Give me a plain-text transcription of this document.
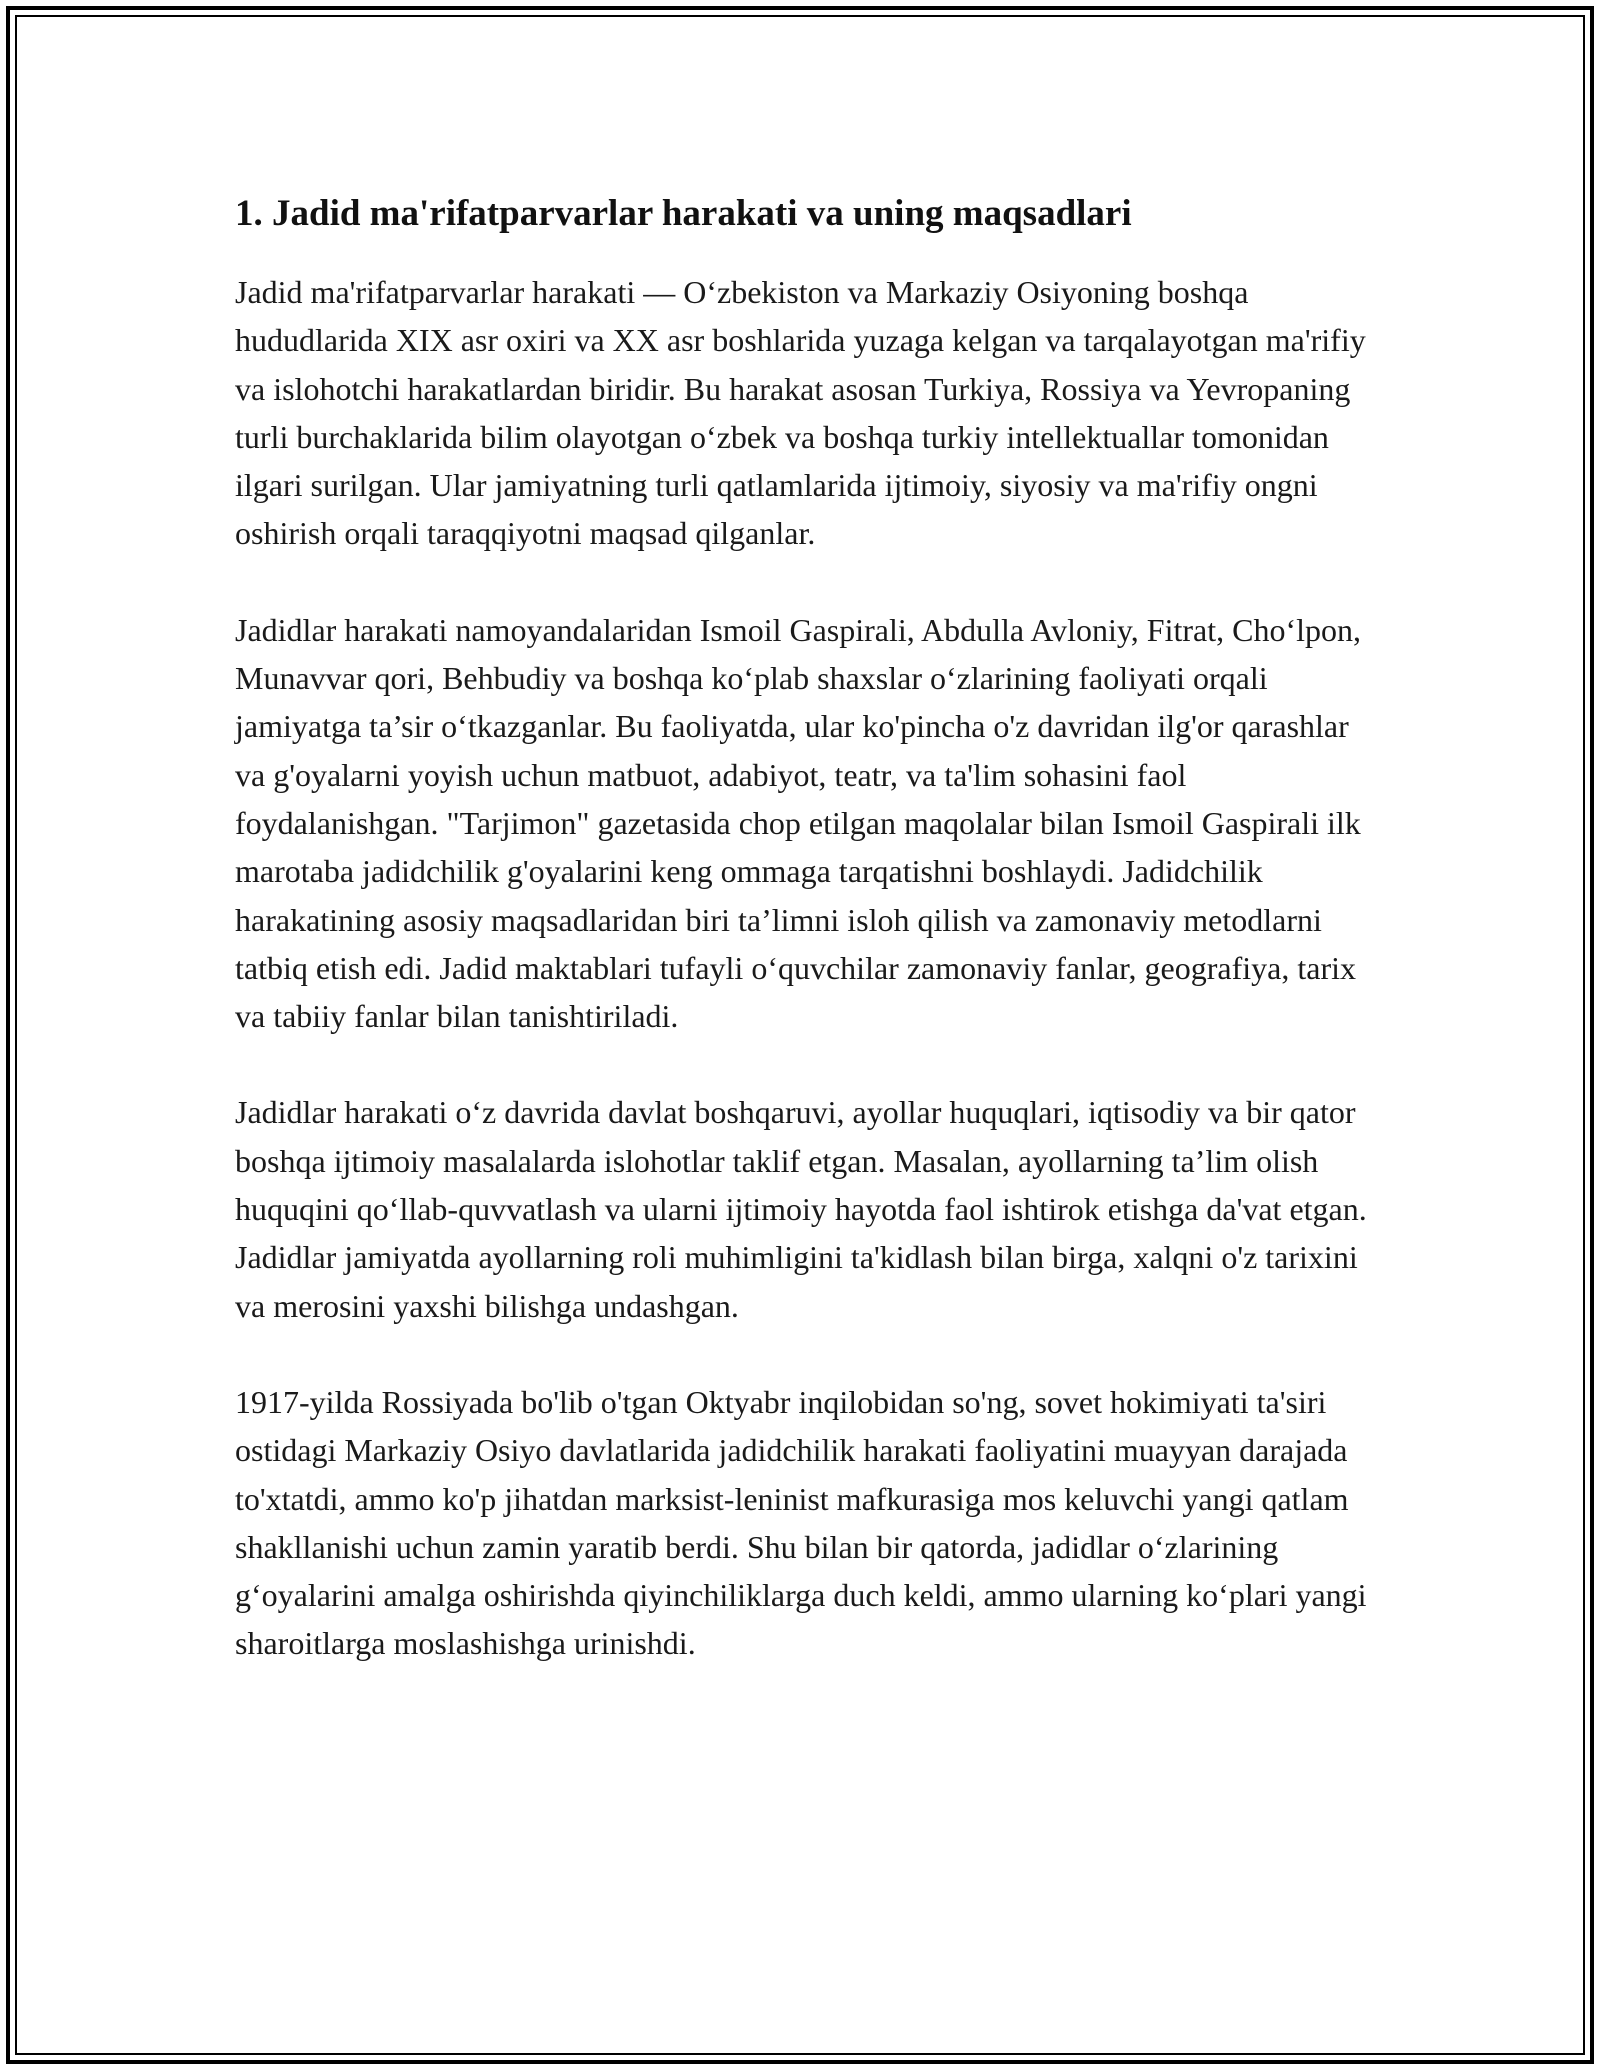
1. Jadid ma'rifatparvarlar harakati va uning maqsadlari

Jadid ma'rifatparvarlar harakati — O‘zbekiston va Markaziy Osiyoning boshqa hududlarida XIX asr oxiri va XX asr boshlarida yuzaga kelgan va tarqalayotgan ma'rifiy va islohotchi harakatlardan biridir. Bu harakat asosan Turkiya, Rossiya va Yevropaning turli burchaklarida bilim olayotgan o‘zbek va boshqa turkiy intellektuallar tomonidan ilgari surilgan. Ular jamiyatning turli qatlamlarida ijtimoiy, siyosiy va ma'rifiy ongni oshirish orqali taraqqiyotni maqsad qilganlar.

Jadidlar harakati namoyandalaridan Ismoil Gaspirali, Abdulla Avloniy, Fitrat, Cho‘lpon, Munavvar qori, Behbudiy va boshqa ko‘plab shaxslar o‘zlarining faoliyati orqali jamiyatga ta’sir o‘tkazganlar. Bu faoliyatda, ular ko'pincha o'z davridan ilg'or qarashlar va g'oyalarni yoyish uchun matbuot, adabiyot, teatr, va ta'lim sohasini faol foydalanishgan. "Tarjimon" gazetasida chop etilgan maqolalar bilan Ismoil Gaspirali ilk marotaba jadidchilik g'oyalarini keng ommaga tarqatishni boshlaydi. Jadidchilik harakatining asosiy maqsadlaridan biri ta’limni isloh qilish va zamonaviy metodlarni tatbiq etish edi. Jadid maktablari tufayli o‘quvchilar zamonaviy fanlar, geografiya, tarix va tabiiy fanlar bilan tanishtiriladi.

Jadidlar harakati o‘z davrida davlat boshqaruvi, ayollar huquqlari, iqtisodiy va bir qator boshqa ijtimoiy masalalarda islohotlar taklif etgan. Masalan, ayollarning ta’lim olish huquqini qo‘llab-quvvatlash va ularni ijtimoiy hayotda faol ishtirok etishga da'vat etgan. Jadidlar jamiyatda ayollarning roli muhimligini ta'kidlash bilan birga, xalqni o'z tarixini va merosini yaxshi bilishga undashgan.

1917-yilda Rossiyada bo'lib o'tgan Oktyabr inqilobidan so'ng, sovet hokimiyati ta'siri ostidagi Markaziy Osiyo davlatlarida jadidchilik harakati faoliyatini muayyan darajada to'xtatdi, ammo ko'p jihatdan marksist-leninist mafkurasiga mos keluvchi yangi qatlam shakllanishi uchun zamin yaratib berdi. Shu bilan bir qatorda, jadidlar o‘zlarining g‘oyalarini amalga oshirishda qiyinchiliklarga duch keldi, ammo ularning ko‘plari yangi sharoitlarga moslashishga urinishdi.
